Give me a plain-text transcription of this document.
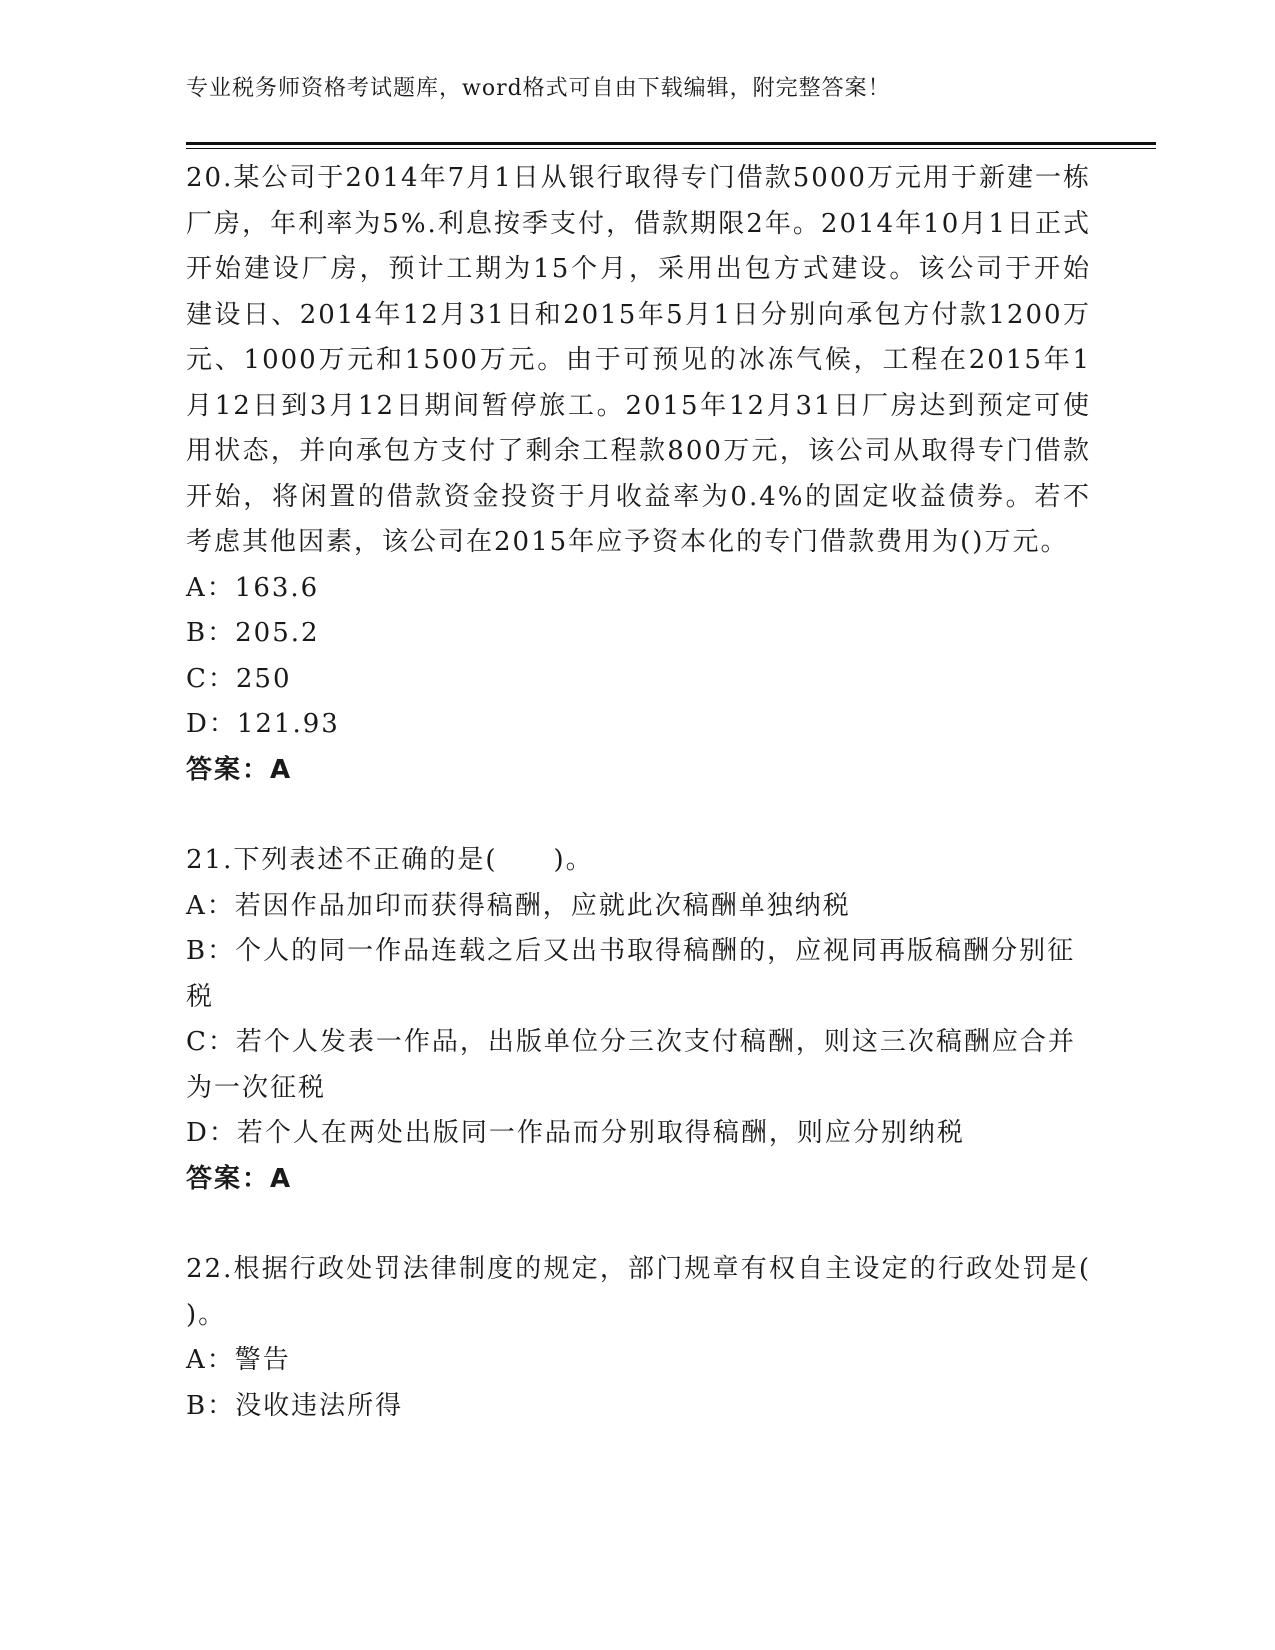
专业税务师资格考试题库，word格式可自由下载编辑，附完整答案！

20.某公司于2014年7月1日从银行取得专门借款5000万元用于新建一栋厂房，年利率为5%.利息按季支付，借款期限2年。2014年10月1日正式开始建设厂房，预计工期为15个月，采用出包方式建设。该公司于开始建设日、2014年12月31日和2015年5月1日分别向承包方付款1200万元、1000万元和1500万元。由于可预见的冰冻气候，工程在2015年1月12日到3月12日期间暂停旅工。2015年12月31日厂房达到预定可使用状态，并向承包方支付了剩余工程款800万元，该公司从取得专门借款开始，将闲置的借款资金投资于月收益率为0.4%的固定收益债券。若不考虑其他因素，该公司在2015年应予资本化的专门借款费用为()万元。

A：163.6

B：205.2

C：250

D：121.93

答案：A

21.下列表述不正确的是(　　)。

A：若因作品加印而获得稿酬，应就此次稿酬单独纳税

B：个人的同一作品连载之后又出书取得稿酬的，应视同再版稿酬分别征税

C：若个人发表一作品，出版单位分三次支付稿酬，则这三次稿酬应合并为一次征税

D：若个人在两处出版同一作品而分别取得稿酬，则应分别纳税

答案：A

22.根据行政处罚法律制度的规定，部门规章有权自主设定的行政处罚是( )。

A：警告

B：没收违法所得
